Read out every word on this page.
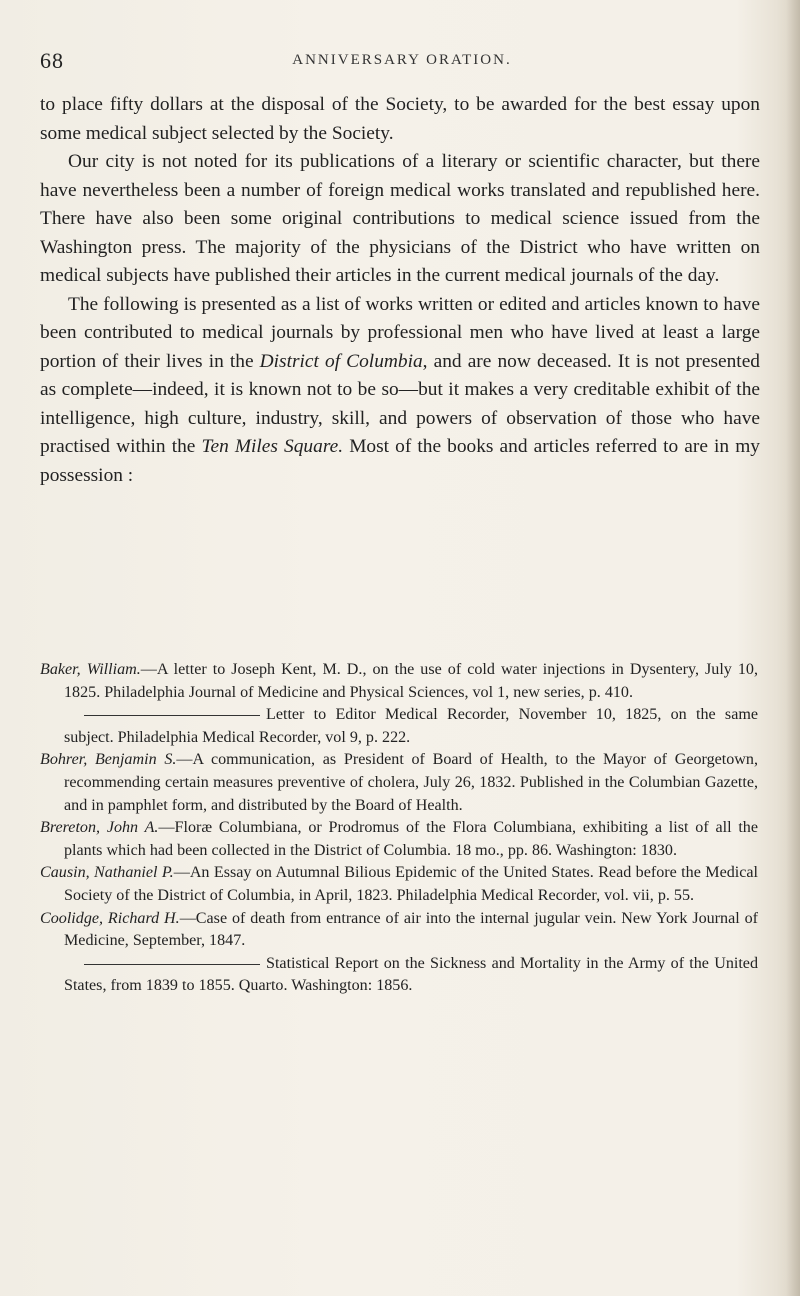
68	ANNIVERSARY ORATION.

to place fifty dollars at the disposal of the Society, to be awarded for the best essay upon some medical subject selected by the Society.

Our city is not noted for its publications of a literary or scientific character, but there have nevertheless been a number of foreign medical works translated and republished here. There have also been some original contributions to medical science issued from the Washington press. The majority of the physicians of the District who have written on medical subjects have published their articles in the current medical journals of the day.

The following is presented as a list of works written or edited and articles known to have been contributed to medical journals by professional men who have lived at least a large portion of their lives in the District of Columbia, and are now deceased. It is not presented as complete—indeed, it is known not to be so—but it makes a very creditable exhibit of the intelligence, high culture, industry, skill, and powers of observation of those who have practised within the Ten Miles Square. Most of the books and articles referred to are in my possession :

Baker, William.—A letter to Joseph Kent, M. D., on the use of cold water injections in Dysentery, July 10, 1825. Philadelphia Journal of Medicine and Physical Sciences, vol 1, new series, p. 410.

Letter to Editor Medical Recorder, November 10, 1825, on the same subject. Philadelphia Medical Recorder, vol 9, p. 222.

Bohrer, Benjamin S.—A communication, as President of Board of Health, to the Mayor of Georgetown, recommending certain measures preventive of cholera, July 26, 1832. Published in the Columbian Gazette, and in pamphlet form, and distributed by the Board of Health.

Brereton, John A.—Floræ Columbiana, or Prodromus of the Flora Columbiana, exhibiting a list of all the plants which had been collected in the District of Columbia. 18 mo., pp. 86. Washington: 1830.

Causin, Nathaniel P.—An Essay on Autumnal Bilious Epidemic of the United States. Read before the Medical Society of the District of Columbia, in April, 1823. Philadelphia Medical Recorder, vol. vii, p. 55.

Coolidge, Richard H.—Case of death from entrance of air into the internal jugular vein. New York Journal of Medicine, September, 1847.

Statistical Report on the Sickness and Mortality in the Army of the United States, from 1839 to 1855. Quarto. Washington: 1856.
